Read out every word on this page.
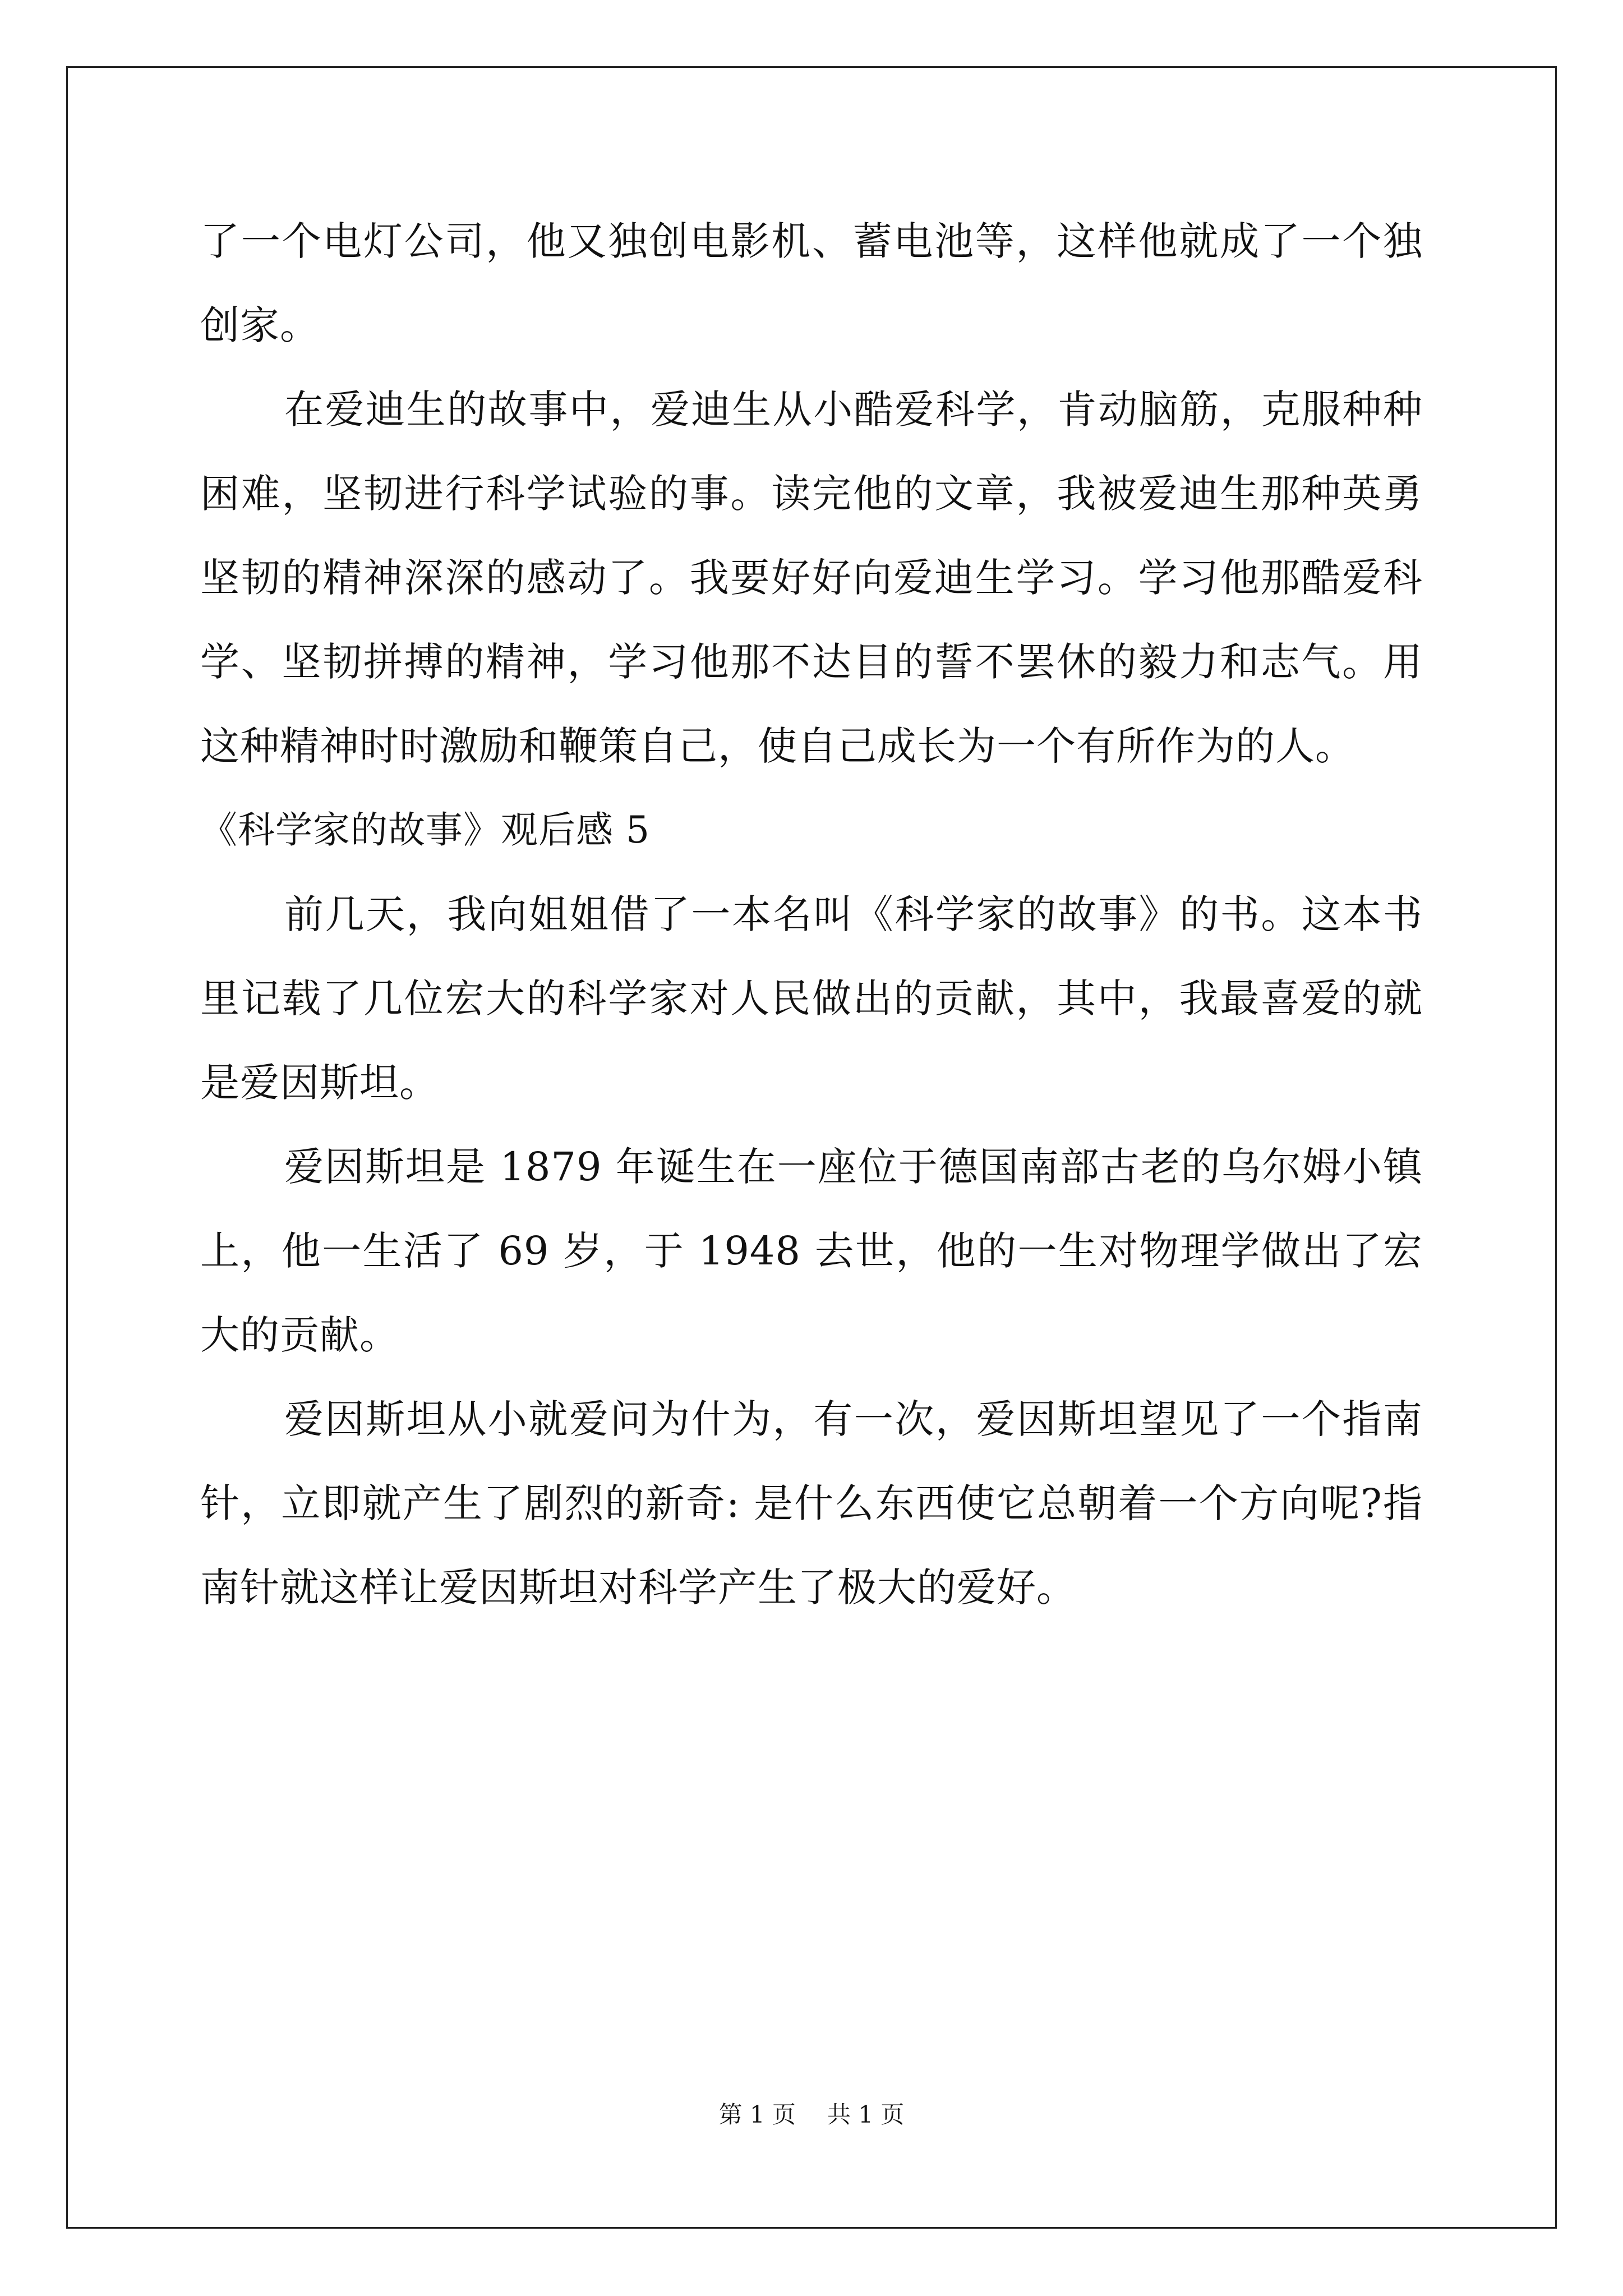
了一个电灯公司，他又独创电影机、蓄电池等，这样他就成了一个独创家。

在爱迪生的故事中，爱迪生从小酷爱科学，肯动脑筋，克服种种困难，坚韧进行科学试验的事。读完他的文章，我被爱迪生那种英勇坚韧的精神深深的感动了。我要好好向爱迪生学习。学习他那酷爱科学、坚韧拼搏的精神，学习他那不达目的誓不罢休的毅力和志气。用这种精神时时激励和鞭策自己，使自己成长为一个有所作为的人。

《科学家的故事》观后感 5

前几天，我向姐姐借了一本名叫《科学家的故事》的书。这本书里记载了几位宏大的科学家对人民做出的贡献，其中，我最喜爱的就是爱因斯坦。

爱因斯坦是 1879 年诞生在一座位于德国南部古老的乌尔姆小镇上，他一生活了 69 岁，于 1948 去世，他的一生对物理学做出了宏大的贡献。

爱因斯坦从小就爱问为什为，有一次，爱因斯坦望见了一个指南针，立即就产生了剧烈的新奇: 是什么东西使它总朝着一个方向呢?指南针就这样让爱因斯坦对科学产生了极大的爱好。

第 1 页 共 1 页
